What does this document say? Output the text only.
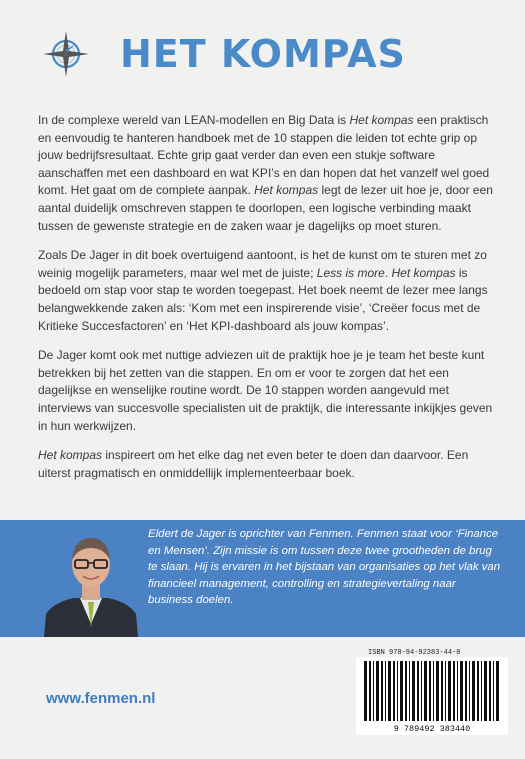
HET KOMPAS

In de complexe wereld van LEAN-modellen en Big Data is Het kompas een praktisch en eenvoudig te hanteren handboek met de 10 stappen die leiden tot echte grip op jouw bedrijfsresultaat. Echte grip gaat verder dan even een stukje software aanschaffen met een dashboard en wat KPI’s en dan hopen dat het vanzelf wel goed komt. Het gaat om de complete aanpak. Het kompas legt de lezer uit hoe je, door een aantal duidelijk omschreven stappen te doorlopen, een logische verbinding maakt tussen de gewenste strategie en de zaken waar je dagelijks op moet sturen.

Zoals De Jager in dit boek overtuigend aantoont, is het de kunst om te sturen met zo weinig mogelijk parameters, maar wel met de juiste; Less is more. Het kompas is bedoeld om stap voor stap te worden toegepast. Het boek neemt de lezer mee langs belangwekkende zaken als: ‘Kom met een inspirerende visie’, ‘Creëer focus met de Kritieke Succesfactoren’ en ‘Het KPI-dashboard als jouw kompas’.

De Jager komt ook met nuttige adviezen uit de praktijk hoe je je team het beste kunt betrekken bij het zetten van die stappen. En om er voor te zorgen dat het een dagelijkse en wenselijke routine wordt. De 10 stappen worden aangevuld met interviews van succesvolle specialisten uit de praktijk, die interessante inkijkjes geven in hun werkwijzen.

Het kompas inspireert om het elke dag net even beter te doen dan daarvoor. Een uiterst pragmatisch en onmiddellijk implementeerbaar boek.

Eldert de Jager is oprichter van Fenmen. Fenmen staat voor ‘Finance en Mensen’. Zijn missie is om tussen deze twee grootheden de brug te slaan. Hij is ervaren in het bijstaan van organisaties op het vlak van financieel management, controlling en strategievertaling naar business doelen.
ISBN 978-94-92383-44-0
9 789492 383440
www.fenmen.nl
